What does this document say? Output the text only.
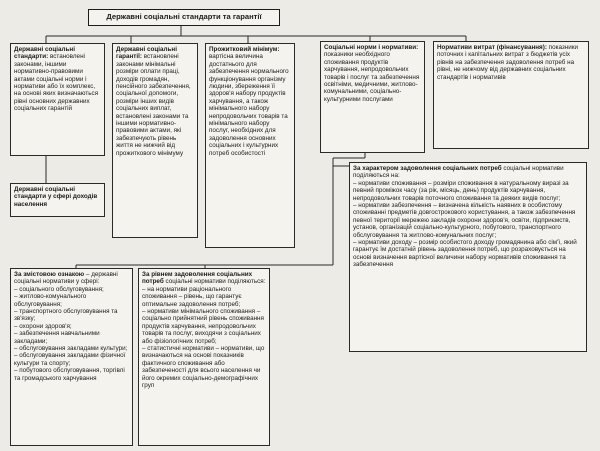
Державні соціальні стандарти та гарантії

Державні соціальні стандарти: встановлені законами, іншими нормативно-правовими актами соціальні норми і нормативи або їх комплекс, на основі яких визначаються рівні основних державних соціальних гарантій

Державні соціальні гарантії: встановлені законами мінімальні розміри оплати праці, доходів громадян, пенсійного забезпечення, соціальної допомоги, розміри інших видів соціальних виплат, встановлені законами та іншими нормативно-правовими актами, які забезпечують рівень життя не нижчий від прожиткового мінімуму

Прожитковий мінімум: вартісна величина достатнього для забезпечення нормального функціонування організму людини, збереження її здоров'я набору продуктів харчування, а також мінімального набору непродовольчих товарів та мінімального набору послуг, необхідних для задоволення основних соціальних і культурних потреб особистості

Соціальні норми і нормативи: показники необхідного споживання продуктів харчування, непродовольчих товарів і послуг та забезпечення освітніми, медичними, житлово-комунальними, соціально-культурними послугами

Нормативи витрат (фінансування): показники поточних і капітальних витрат з бюджетів усіх рівнів на забезпечення задоволення потреб на рівні, не нижчому від державних соціальних стандартів і нормативів

Державні соціальні стандарти у сфері доходів населення

За характером задоволення соціальних потреб соціальні нормативи поділяються на:

– нормативи споживання – розміри споживання в натуральному виразі за певний проміжок часу (за рік, місяць, день) продуктів харчування, непродовольчих товарів поточного споживання та деяких видів послуг;

– нормативи забезпечення – визначена кількість наявних в особистому споживанні предметів довгострокового користування, а також забезпечення певної території мережею закладів охорони здоров'я, освіти, підприємств, установ, організацій соціально-культурного, побутового, транспортного обслуговування та житлово-комунальних послуг;

– нормативи доходу – розмір особистого доходу громадянина або сім'ї, який гарантує їм достатній рівень задоволення потреб, що розраховується на основі визначення вартісної величини набору нормативів споживання та забезпечення

За змістовою ознакою – державні соціальні нормативи у сфері:

– соціального обслуговування;

– житлово-комунального обслуговування;

– транспортного обслуговування та зв'язку;

– охорони здоров'я;

– забезпечення навчальними закладами;

– обслуговування закладами культури;

– обслуговування закладами фізичної культури та спорту;

– побутового обслуговування, торгівлі та громадського харчування

За рівнем задоволення соціальних потреб соціальні нормативи поділяються:

– на нормативи раціонального споживання – рівень, що гарантує оптимальне задоволення потреб;

– нормативи мінімального споживання – соціально прийнятний рівень споживання продуктів харчування, непродовольчих товарів та послуг, виходячи з соціальних або фізіологічних потреб;

– статистичні нормативи – нормативи, що визначаються на основі показників фактичного споживання або забезпеченості для всього населення чи його окремих соціально-демографічних груп
